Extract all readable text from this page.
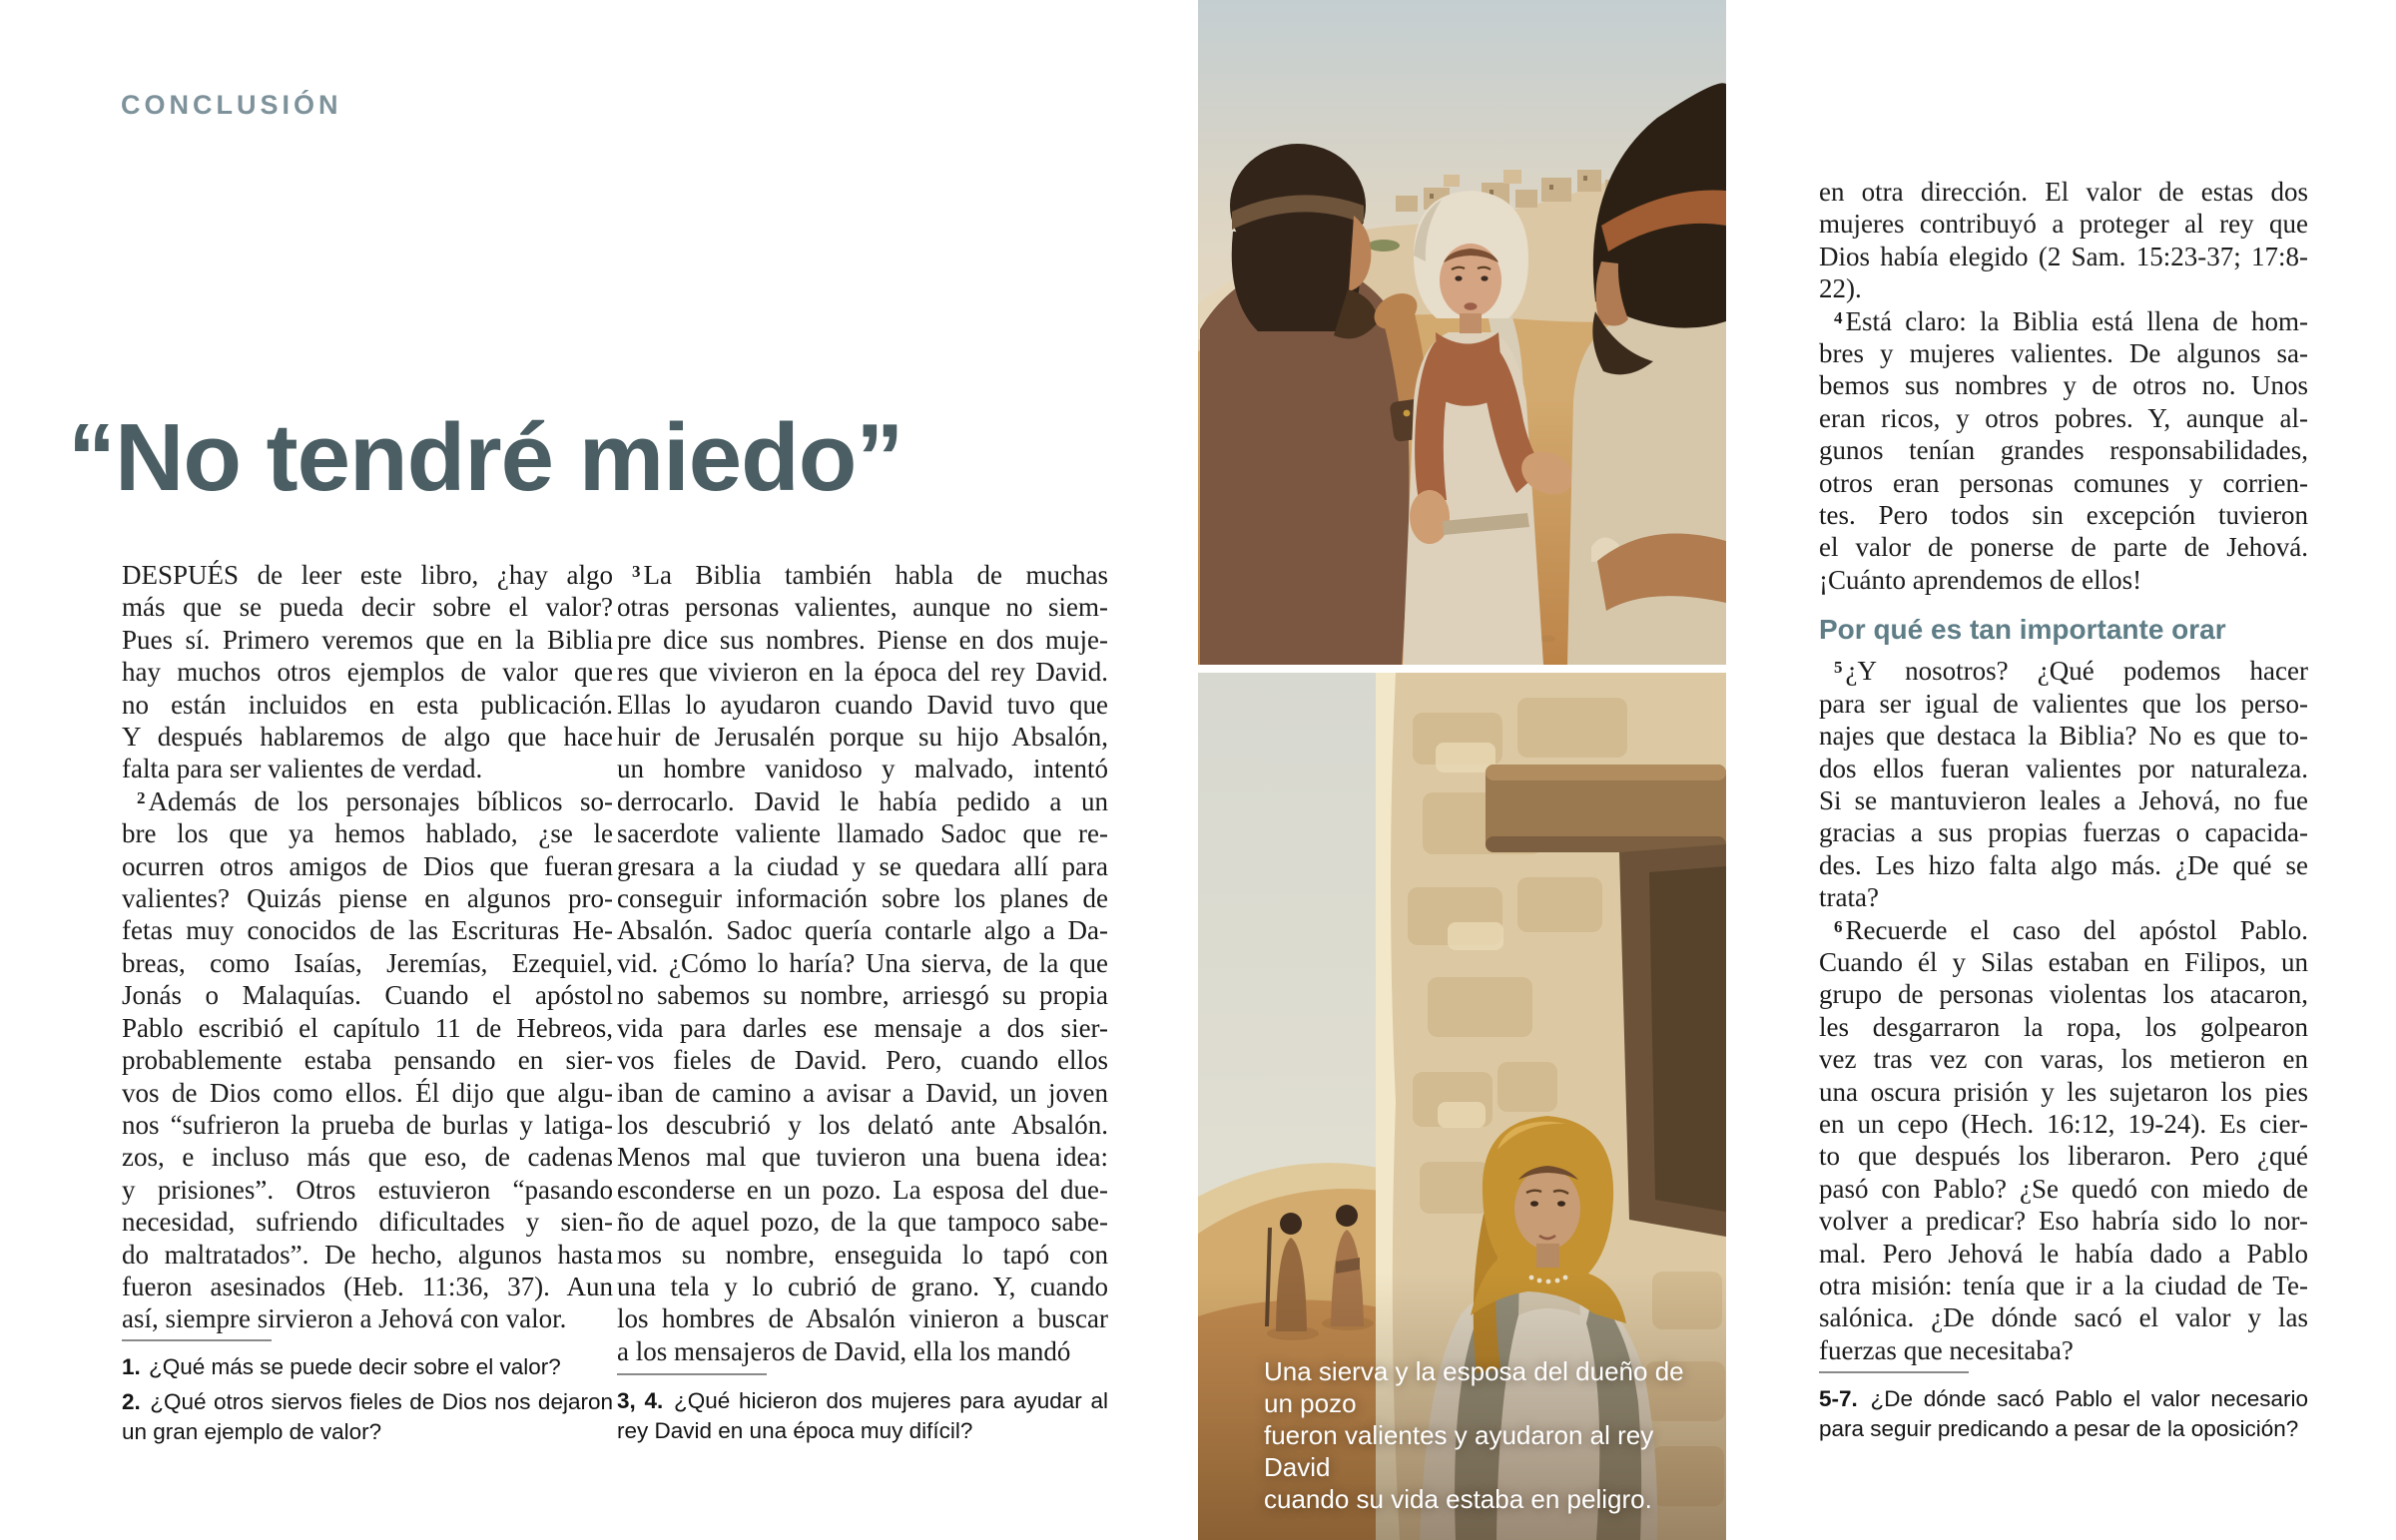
CONCLUSIÓN
“No tendré miedo”
DESPUÉS de leer este libro, ¿hay algo
más que se pueda decir sobre el valor?
Pues sí. Primero veremos que en la Biblia
hay muchos otros ejemplos de valor que
no están incluidos en esta publicación.
Y después hablaremos de algo que hace
falta para ser valientes de verdad.
$^2$ Además de los personajes bíblicos so-
bre los que ya hemos hablado, ¿se le
ocurren otros amigos de Dios que fueran
valientes? Quizás piense en algunos pro-
fetas muy conocidos de las Escrituras He-
breas, como Isaías, Jeremías, Ezequiel,
Jonás o Malaquías. Cuando el apóstol
Pablo escribió el capítulo 11 de Hebreos,
probablemente estaba pensando en sier-
vos de Dios como ellos. Él dijo que algu-
nos “sufrieron la prueba de burlas y latiga-
zos, e incluso más que eso, de cadenas
y prisiones”. Otros estuvieron “pasando
necesidad, sufriendo dificultades y sien-
do maltratados”. De hecho, algunos hasta
fueron asesinados (Heb. 11:36, 37). Aun
así, siempre sirvieron a Jehová con valor.
$^3$ La Biblia también habla de muchas
otras personas valientes, aunque no siem-
pre dice sus nombres. Piense en dos muje-
res que vivieron en la época del rey David.
Ellas lo ayudaron cuando David tuvo que
huir de Jerusalén porque su hijo Absalón,
un hombre vanidoso y malvado, intentó
derrocarlo. David le había pedido a un
sacerdote valiente llamado Sadoc que re-
gresara a la ciudad y se quedara allí para
conseguir información sobre los planes de
Absalón. Sadoc quería contarle algo a Da-
vid. ¿Cómo lo haría? Una sierva, de la que
no sabemos su nombre, arriesgó su propia
vida para darles ese mensaje a dos sier-
vos fieles de David. Pero, cuando ellos
iban de camino a avisar a David, un joven
los descubrió y los delató ante Absalón.
Menos mal que tuvieron una buena idea:
esconderse en un pozo. La esposa del due-
ño de aquel pozo, de la que tampoco sabe-
mos su nombre, enseguida lo tapó con
una tela y lo cubrió de grano. Y, cuando
los hombres de Absalón vinieron a buscar
a los mensajeros de David, ella los mandó
en otra dirección. El valor de estas dos
mujeres contribuyó a proteger al rey que
Dios había elegido (2 Sam. 15:23-37; 17:8-
22).
$^4$ Está claro: la Biblia está llena de hom-
bres y mujeres valientes. De algunos sa-
bemos sus nombres y de otros no. Unos
eran ricos, y otros pobres. Y, aunque al-
gunos tenían grandes responsabilidades,
otros eran personas comunes y corrien-
tes. Pero todos sin excepción tuvieron
el valor de ponerse de parte de Jehová.
¡Cuánto aprendemos de ellos!
Por qué es tan importante orar
$^5$ ¿Y nosotros? ¿Qué podemos hacer
para ser igual de valientes que los perso-
najes que destaca la Biblia? No es que to-
dos ellos fueran valientes por naturaleza.
Si se mantuvieron leales a Jehová, no fue
gracias a sus propias fuerzas o capacida-
des. Les hizo falta algo más. ¿De qué se
trata?
$^6$ Recuerde el caso del apóstol Pablo.
Cuando él y Silas estaban en Filipos, un
grupo de personas violentas los atacaron,
les desgarraron la ropa, los golpearon
vez tras vez con varas, los metieron en
una oscura prisión y les sujetaron los pies
en un cepo (Hech. 16:12, 19-24). Es cier-
to que después los liberaron. Pero ¿qué
pasó con Pablo? ¿Se quedó con miedo de
volver a predicar? Eso habría sido lo nor-
mal. Pero Jehová le había dado a Pablo
otra misión: tenía que ir a la ciudad de Te-
salónica. ¿De dónde sacó el valor y las
fuerzas que necesitaba?
1. ¿Qué más se puede decir sobre el valor?
2. ¿Qué otros siervos fieles de Dios nos dejaron un gran ejemplo de valor?
3, 4. ¿Qué hicieron dos mujeres para ayudar al rey David en una época muy difícil?
5-7. ¿De dónde sacó Pablo el valor necesario para seguir predicando a pesar de la oposición?
Una sierva y la esposa del dueño de un pozo
fueron valientes y ayudaron al rey David
cuando su vida estaba en peligro.
